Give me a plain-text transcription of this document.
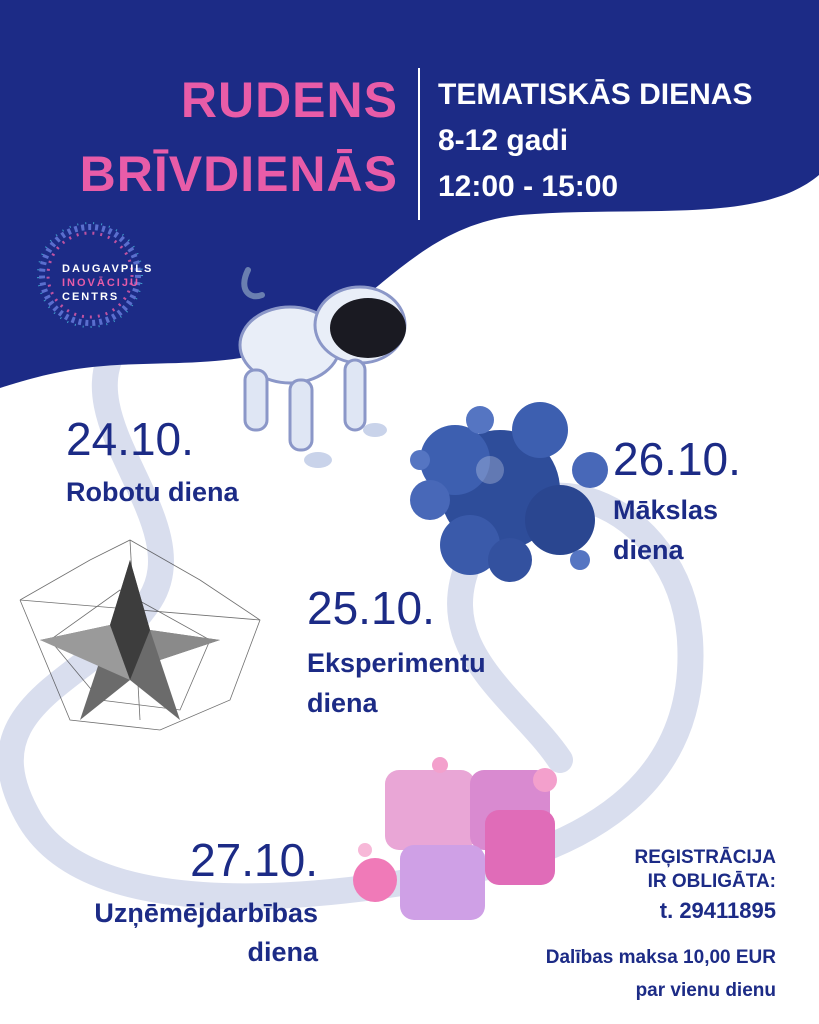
RUDENS
BRĪVDIENĀS
TEMATISKĀS DIENAS
8-12 gadi
12:00 - 15:00
DAUGAVPILS
INOVĀCIJU
CENTRS
24.10.
Robotu diena
26.10.
Mākslas
diena
25.10.
Eksperimentu
diena
27.10.
Uzņēmējdarbības
diena
REĢISTRĀCIJA
IR OBLIGĀTA:
t. 29411895
Dalības maksa 10,00 EUR
par vienu dienu
